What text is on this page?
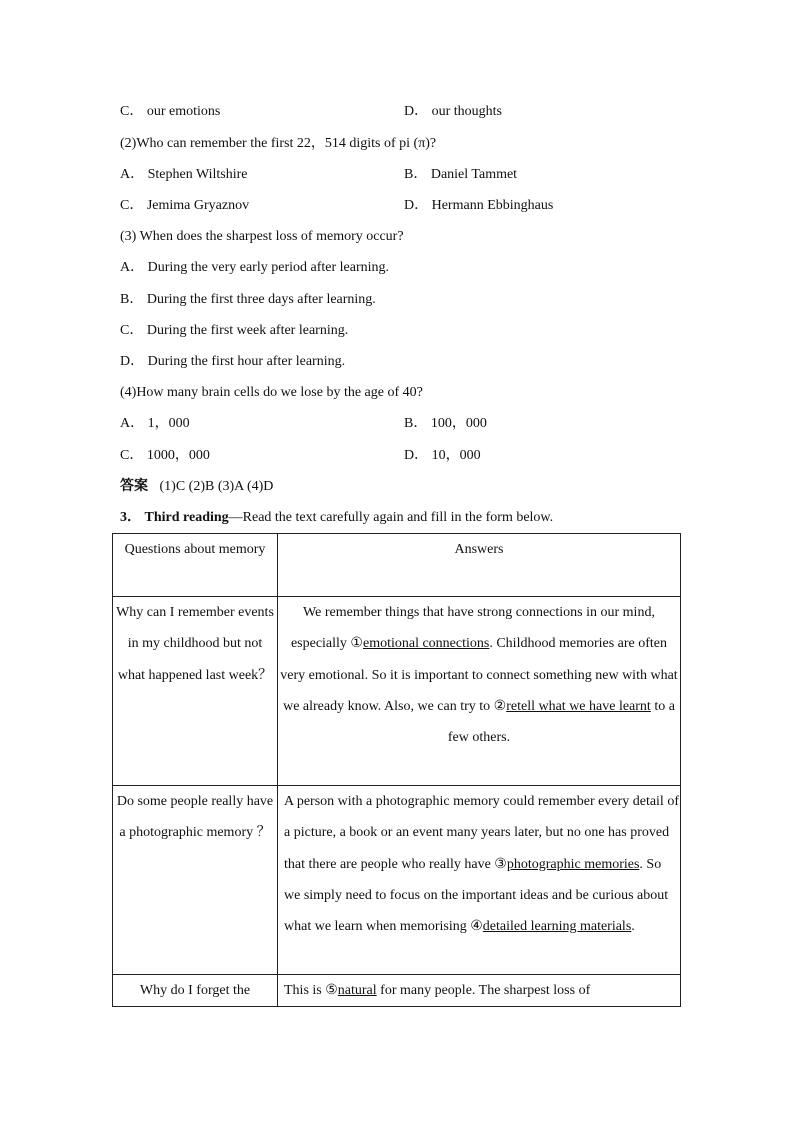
C． our emotions	D． our thoughts
(2)Who can remember the first 22，514 digits of pi (π)?
A． Stephen Wiltshire	B． Daniel Tammet
C． Jemima Gryaznov	D． Hermann Ebbinghaus
(3) When does the sharpest loss of memory occur?
A． During the very early period after learning.
B． During the first three days after learning.
C． During the first week after learning.
D． During the first hour after learning.
(4)How many brain cells do we lose by the age of 40?
A． 1，000	B． 100，000
C． 1000，000	D． 10，000
答案 (1)C (2)B (3)A (4)D
3． Third reading—Read the text carefully again and fill in the form below.
Questions about memory	Answers
Why can I remember events in my childhood but not what happened last week？	We remember things that have strong connections in our mind, especially ①emotional connections. Childhood memories are often very emotional. So it is important to connect something new with what we already know. Also, we can try to ②retell what we have learnt to a few others.
Do some people really have a photographic memory ？	A person with a photographic memory could remember every detail of a picture, a book or an event many years later, but no one has proved that there are people who really have ③photographic memories. So we simply need to focus on the important ideas and be curious about what we learn when memorising ④detailed learning materials.
Why do I forget the	This is ⑤natural for many people. The sharpest loss of
